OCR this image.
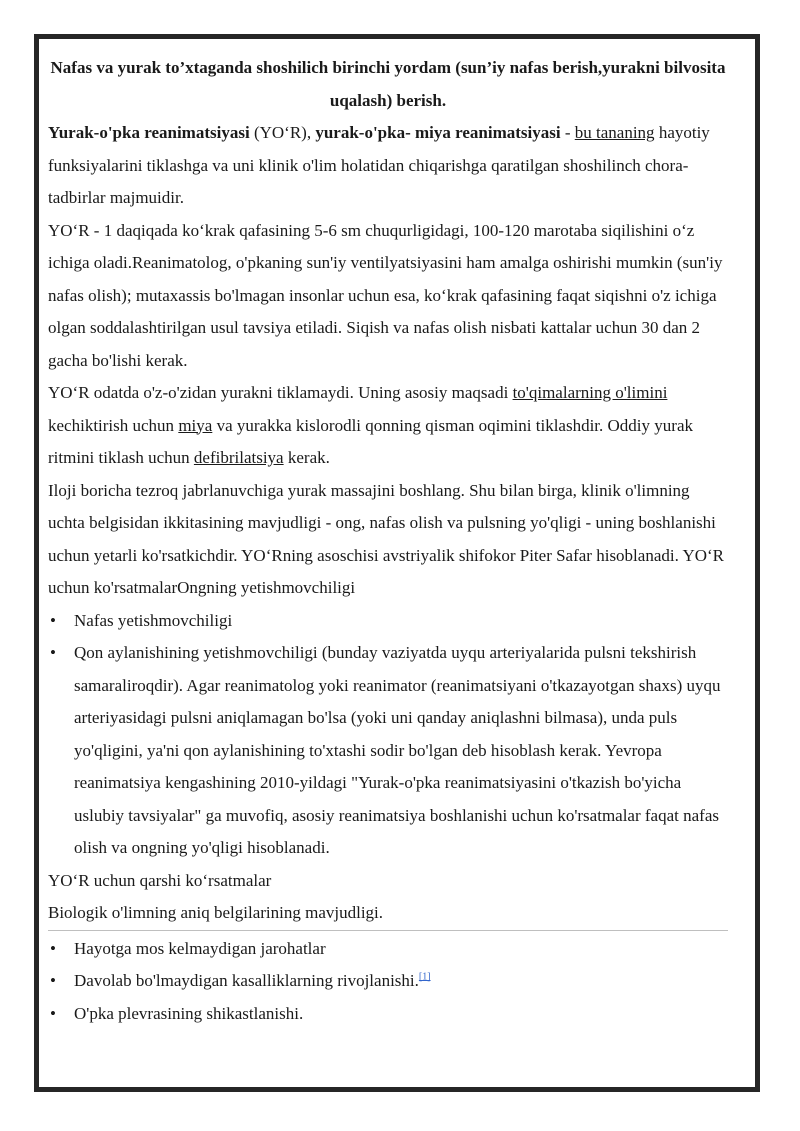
Nafas va yurak to’xtaganda shoshilich birinchi yordam (sun’iy nafas berish,yurakni bilvosita uqalash) berish.

Yurak-o'pka reanimatsiyasi (YO‘R), yurak-o'pka- miya reanimatsiyasi - bu tananing hayotiy funksiyalarini tiklashga va uni klinik o'lim holatidan chiqarishga qaratilgan shoshilinch chora-tadbirlar majmuidir.

YO‘R - 1 daqiqada ko‘krak qafasining 5-6 sm chuqurligidagi, 100-120 marotaba siqilishini o‘z ichiga oladi.Reanimatolog, o'pkaning sun'iy ventilyatsiyasini ham amalga oshirishi mumkin (sun'iy nafas olish); mutaxassis bo'lmagan insonlar uchun esa, ko‘krak qafasining faqat siqishni o'z ichiga olgan soddalashtirilgan usul tavsiya etiladi. Siqish va nafas olish nisbati kattalar uchun 30 dan 2 gacha bo'lishi kerak.

YO‘R odatda o'z-o'zidan yurakni tiklamaydi. Uning asosiy maqsadi to'qimalarning o'limini kechiktirish uchun miya va yurakka kislorodli qonning qisman oqimini tiklashdir. Oddiy yurak ritmini tiklash uchun defibrilatsiya kerak.

Iloji boricha tezroq jabrlanuvchiga yurak massajini boshlang. Shu bilan birga, klinik o'limning uchta belgisidan ikkitasining mavjudligi - ong, nafas olish va pulsning yo'qligi - uning boshlanishi uchun yetarli ko'rsatkichdir. YO‘Rning asoschisi avstriyalik shifokor Piter Safar hisoblanadi. YO‘R uchun ko'rsatmalarOngning yetishmovchiligi

• Nafas yetishmovchiligi
• Qon aylanishining yetishmovchiligi (bunday vaziyatda uyqu arteriyalarida pulsni tekshirish samaraliroqdir). Agar reanimatolog yoki reanimator (reanimatsiyani o'tkazayotgan shaxs) uyqu arteriyasidagi pulsni aniqlamagan bo'lsa (yoki uni qanday aniqlashni bilmasa), unda puls yo'qligini, ya'ni qon aylanishining to'xtashi sodir bo'lgan deb hisoblash kerak. Yevropa reanimatsiya kengashining 2010-yildagi "Yurak-o'pka reanimatsiyasini o'tkazish bo'yicha uslubiy tavsiyalar" ga muvofiq, asosiy reanimatsiya boshlanishi uchun ko'rsatmalar faqat nafas olish va ongning yo'qligi hisoblanadi.
YO‘R uchun qarshi ko‘rsatmalar
Biologik o'limning aniq belgilarining mavjudligi.
• Hayotga mos kelmaydigan jarohatlar
• Davolab bo'lmaydigan kasalliklarning rivojlanishi.[1]
• O'pka plevrasining shikastlanishi.
